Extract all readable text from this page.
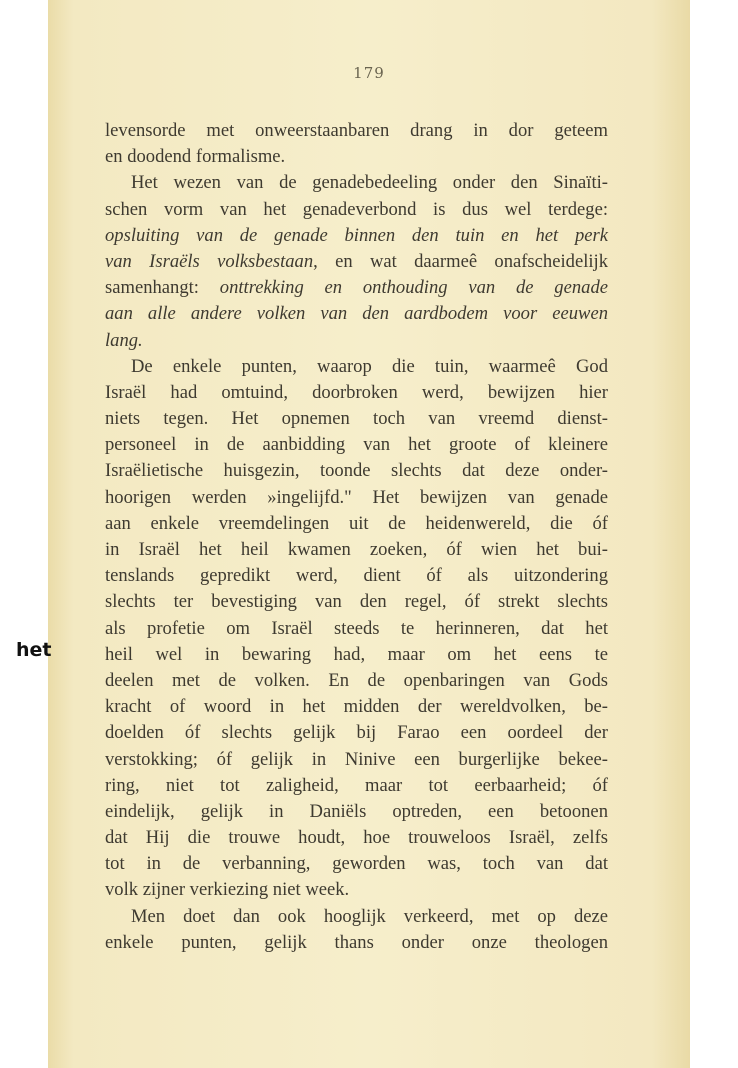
179
levensorde met onweerstaanbaren drang in dor geteem
en doodend formalisme.
Het wezen van de genadebedeeling onder den Sinaïti-
schen vorm van het genadeverbond is dus wel terdege:
opsluiting van de genade binnen den tuin en het perk
van Israëls volksbestaan, en wat daarmeê onafscheidelijk
samenhangt: onttrekking en onthouding van de genade
aan alle andere volken van den aardbodem voor eeuwen
lang.
De enkele punten, waarop die tuin, waarmeê God
Israël had omtuind, doorbroken werd, bewijzen hier
niets tegen. Het opnemen toch van vreemd dienst-
personeel in de aanbidding van het groote of kleinere
Israëlietische huisgezin, toonde slechts dat deze onder-
hoorigen werden »ingelijfd." Het bewijzen van genade
aan enkele vreemdelingen uit de heidenwereld, die óf
in Israël het heil kwamen zoeken, óf wien het bui-
tenslands gepredikt werd, dient óf als uitzondering
slechts ter bevestiging van den regel, óf strekt slechts
als profetie om Israël steeds te herinneren, dat het
heil wel in bewaring had, maar om het eens te
deelen met de volken. En de openbaringen van Gods
kracht of woord in het midden der wereldvolken, be-
doelden óf slechts gelijk bij Farao een oordeel der
verstokking; óf gelijk in Ninive een burgerlijke bekee-
ring, niet tot zaligheid, maar tot eerbaarheid; óf
eindelijk, gelijk in Daniëls optreden, een betoonen
dat Hij die trouwe houdt, hoe trouweloos Israël, zelfs
tot in de verbanning, geworden was, toch van dat
volk zijner verkiezing niet week.
Men doet dan ook hooglijk verkeerd, met op deze
enkele punten, gelijk thans onder onze theologen
het
